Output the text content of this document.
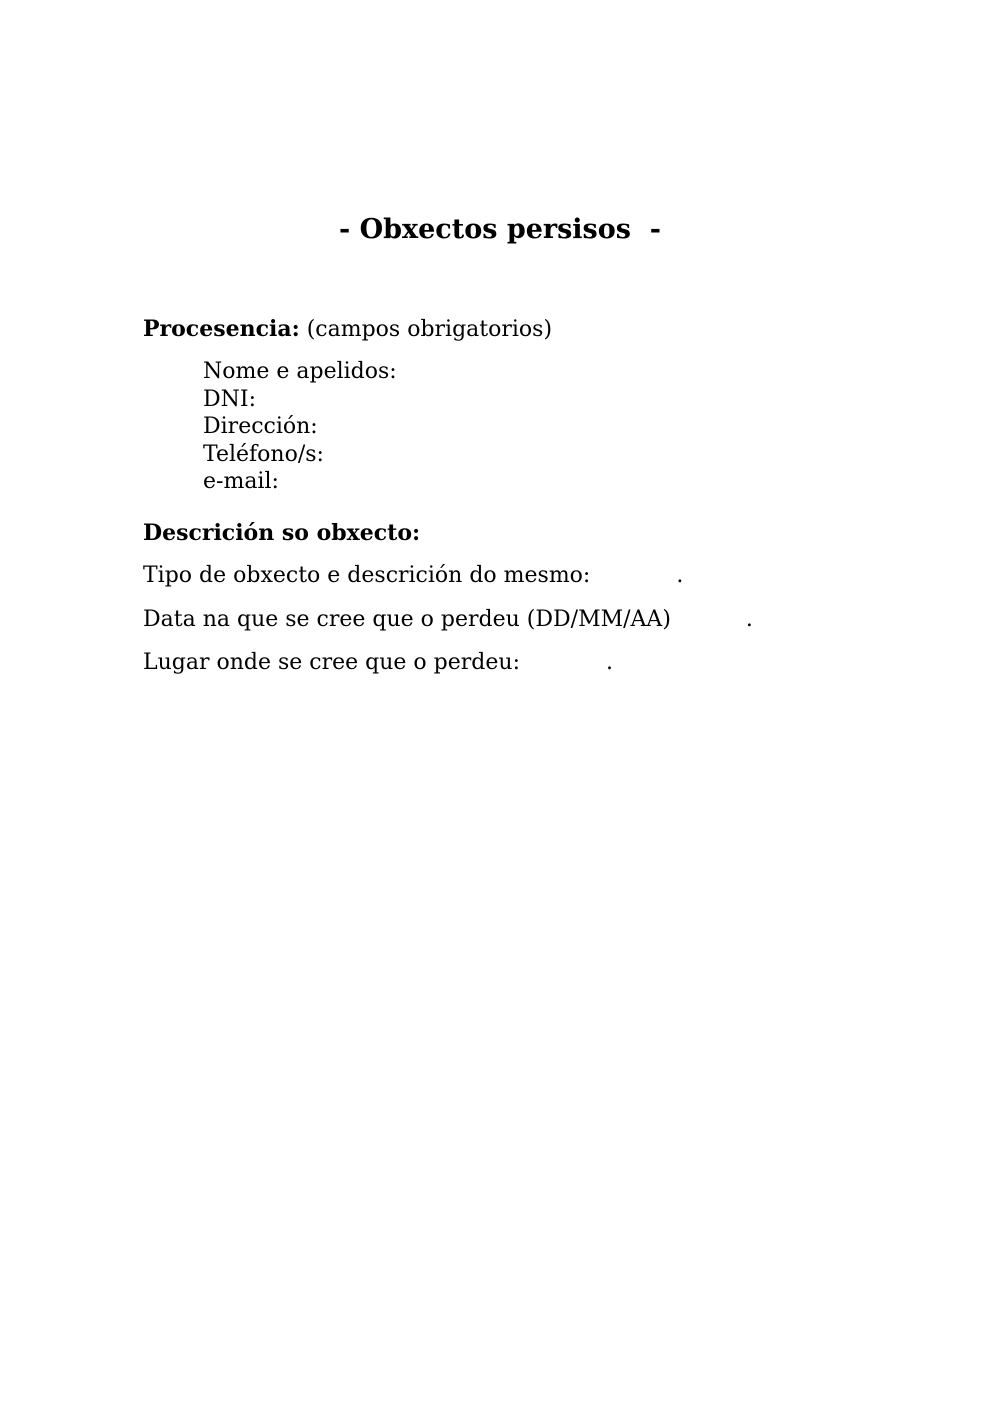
- Obxectos persisos  -
Procesencia: (campos obrigatorios)
Nome e apelidos:
DNI:
Dirección:
Teléfono/s:
e-mail:
Descrición so obxecto:
Tipo de obxecto e descrición do mesmo:	.
Data na que se cree que o perdeu (DD/MM/AA)	.
Lugar onde se cree que o perdeu:	.
